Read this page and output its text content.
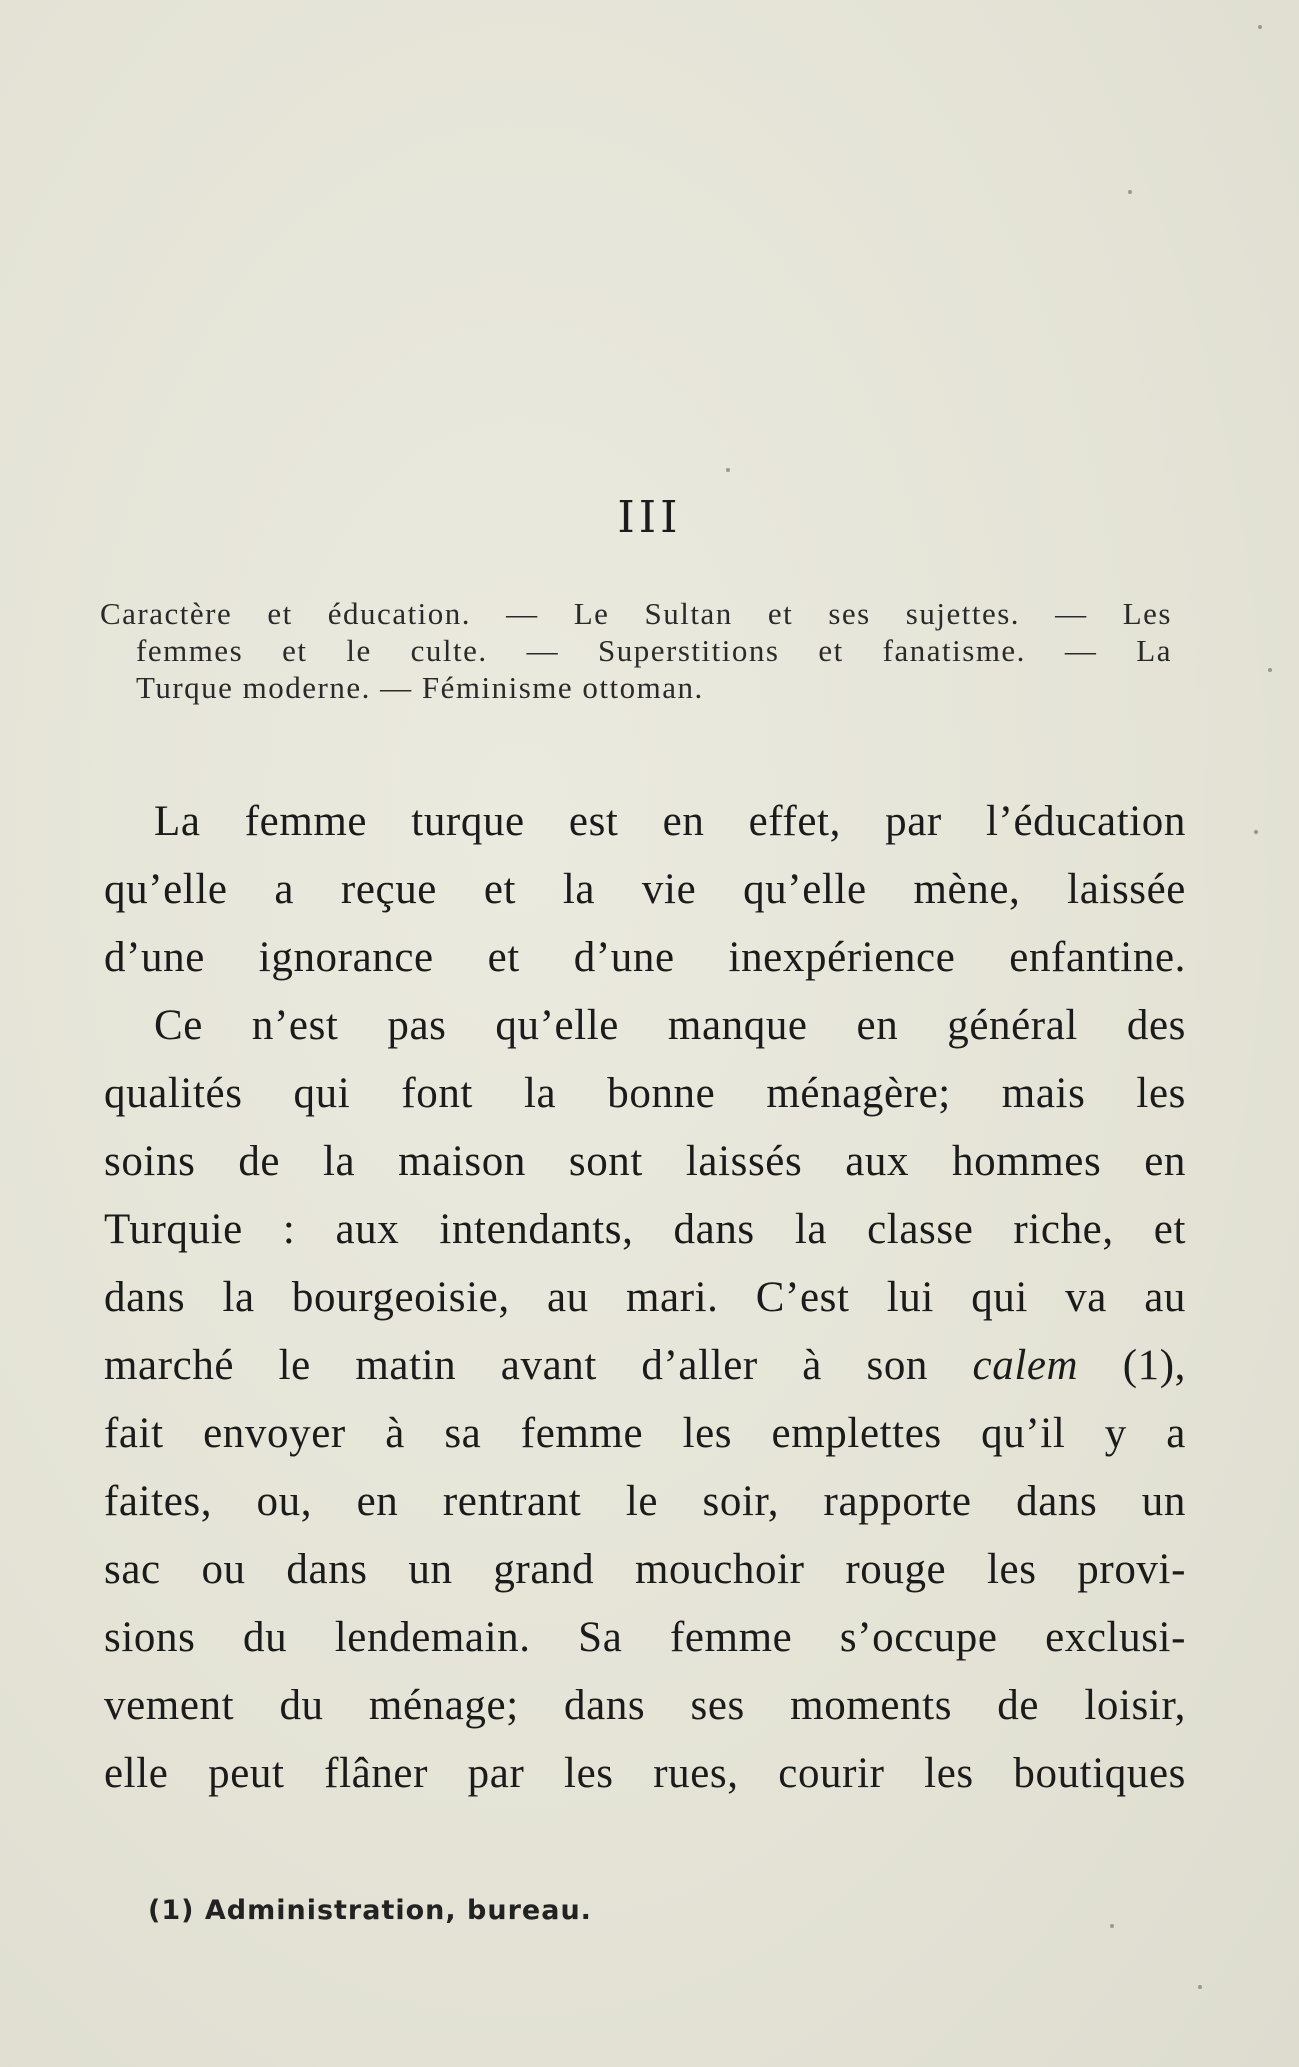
III
Caractère et éducation. — Le Sultan et ses sujettes. — Les
femmes et le culte. — Superstitions et fanatisme. — La
Turque moderne. — Féminisme ottoman.
La femme turque est en effet, par l’éducation
qu’elle a reçue et la vie qu’elle mène, laissée
d’une ignorance et d’une inexpérience enfantine.
Ce n’est pas qu’elle manque en général des
qualités qui font la bonne ménagère; mais les
soins de la maison sont laissés aux hommes en
Turquie : aux intendants, dans la classe riche, et
dans la bourgeoisie, au mari. C’est lui qui va au
marché le matin avant d’aller à son calem (1),
fait envoyer à sa femme les emplettes qu’il y a
faites, ou, en rentrant le soir, rapporte dans un
sac ou dans un grand mouchoir rouge les provi-
sions du lendemain. Sa femme s’occupe exclusi-
vement du ménage; dans ses moments de loisir,
elle peut flâner par les rues, courir les boutiques
(1) Administration, bureau.
